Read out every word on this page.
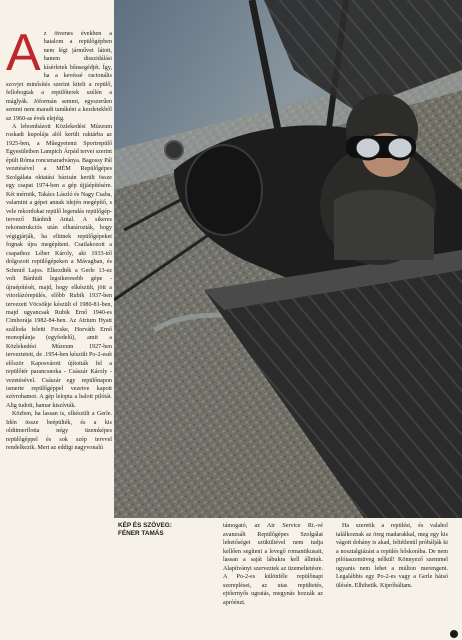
Az ötvenes években a hatalom a repülőgépben nem légi járművet látott, hanem disszidálási kísérletek bűnsegédjét. Így, ha a kevéssé racionális szovjet minősítés szerint kitelt a repülő, fellobogtak a repülőterek szélén a máglyák. Jóformán semmi, egyszerűen semmi nem maradt tanúként a kezdetekből az 1960-as évek elejéig.

A lebombázott Közlekedési Múzeum roskadt kupolája alól került raktárba az 1925-ben, a Műegyetemi Sportrepülő Egyesületben Lampich Árpád tervei szerint épült Róma roncsmaradványa. Bagossy Pál vezetésével a MÉM Repülőgépes Szolgálata oktatási bázisán került össze egy csapat 1974-ben a gép újjáépítésére. Két mérnök, Takács László és Nagy Csaba, valamint a gépet annak idején megépítő, s vele rekordokat repülő legendás repülőgép-tervező Bánhidi Antal. A sikeres rekonstrukciós után elhatározták, hogy végigjárják, ha elütnek repülőgépeket fognak újra megépíteni. Csatlakozott a csapathoz Léber Károly, aki 1933-tól dolgozott repülőgépeken a Mávagban, és Schmid Lajos. Elkezdték a Gerle 13-ez volt Bánhidi legsikeresebb gépe - újraépítését, majd, hogy elkészült, jött a vitorlázórepülés, előbb Rubik 1937-ben tervezett Vöcsökje készült el 1980-81-ben, majd ugyancsak Rubik Ernő 1940-es Cimborája 1982-84-ben. Az Atrium Hyatt szálloda feletti Fecske, Horváth Ernő monoplánja (egyfedelű), amit a Közlekedési Múzeum 1927-ben terveztetett, de .1954-ben készült Po-2-esét először Kaposvárott újították fel a repülőtér parancsnoka - Császár Károly - vezetésével. Császár egy repülőnapon ismerte repülőgéppel vezetve kapott szívrohamot. A gép lelopta a halott pilótát. Alig tudott, hamar kiszívták.

Közben, ha lassan is, elkészült a Gerle. Idén össze beépülték, és a kis oldtimerflotta négy üzemképes repülőgéppel és sok szép tervvel rendelkezik. Mert az eddigi nagyvonalú

KÉP ÉS SZÖVEG:
FÉNER TAMÁS

támogató, az Air Service Rt.-vé avanzsált Repülőgépes Szolgálat lehetőséget szükültével nem tudja kellően segíteni a levegő romantikusait, lassan a saját lábukra kell állniuk. Alapítványt szerveztek az üzemeltetésre. A Po-2-es különféle repülőnapi szereplései, az utas repültetés, ejtőernyős ugratás, megynás hozzák az apróénzt.

Ha szeretik a repülést, és valahol találkoznak az öreg madarakkal, meg egy kis vágott dohány is akad, feltétlenül próbálják ki a nosztalgiázást a repülés hőskorába. De nem pilótaszemüveg nélkül! Könnyező szemmel ugyanis nem lehet a múlton merengeni. Legalábbis egy Po-2-es vagy a Gerle hátsó ülésén. Elhihetik. Kipróbáltam.
